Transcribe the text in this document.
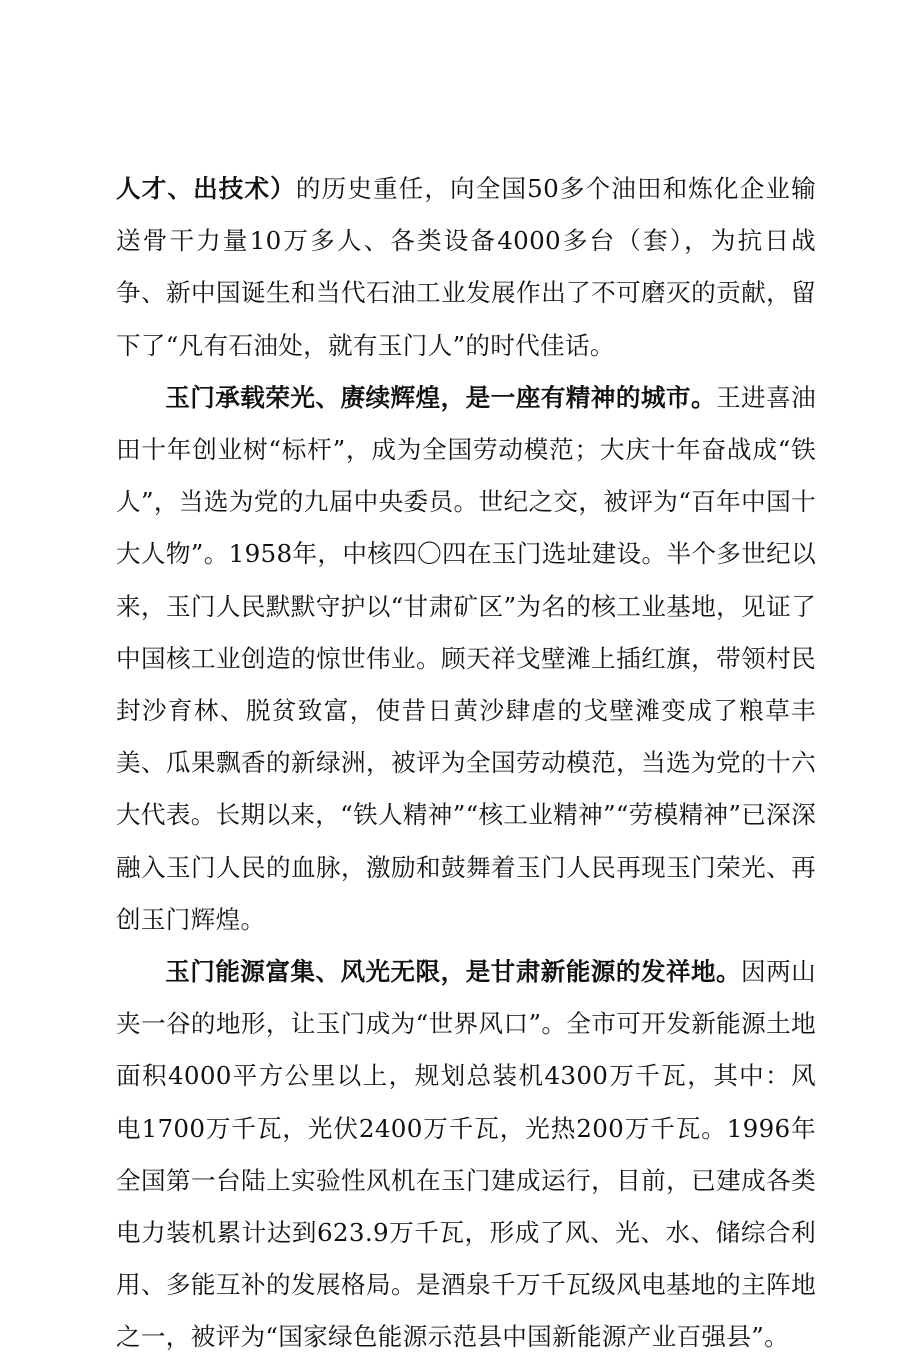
人才、出技术）的历史重任，向全国50多个油田和炼化企业输送骨干力量10万多人、各类设备4000多台（套），为抗日战争、新中国诞生和当代石油工业发展作出了不可磨灭的贡献，留下了“凡有石油处，就有玉门人”的时代佳话。

玉门承载荣光、赓续辉煌，是一座有精神的城市。王进喜油田十年创业树“标杆”，成为全国劳动模范；大庆十年奋战成“铁人”，当选为党的九届中央委员。世纪之交，被评为“百年中国十大人物”。1958年，中核四〇四在玉门选址建设。半个多世纪以来，玉门人民默默守护以“甘肃矿区”为名的核工业基地，见证了中国核工业创造的惊世伟业。顾天祥戈壁滩上插红旗，带领村民封沙育林、脱贫致富，使昔日黄沙肆虐的戈壁滩变成了粮草丰美、瓜果飘香的新绿洲，被评为全国劳动模范，当选为党的十六大代表。长期以来，“铁人精神”“核工业精神”“劳模精神”已深深融入玉门人民的血脉，激励和鼓舞着玉门人民再现玉门荣光、再创玉门辉煌。

玉门能源富集、风光无限，是甘肃新能源的发祥地。因两山夹一谷的地形，让玉门成为“世界风口”。全市可开发新能源土地面积4000平方公里以上，规划总装机4300万千瓦，其中：风电1700万千瓦，光伏2400万千瓦，光热200万千瓦。1996年全国第一台陆上实验性风机在玉门建成运行，目前，已建成各类电力装机累计达到623.9万千瓦，形成了风、光、水、储综合利用、多能互补的发展格局。是酒泉千万千瓦级风电基地的主阵地之一，被评为“国家绿色能源示范县中国新能源产业百强县”。
